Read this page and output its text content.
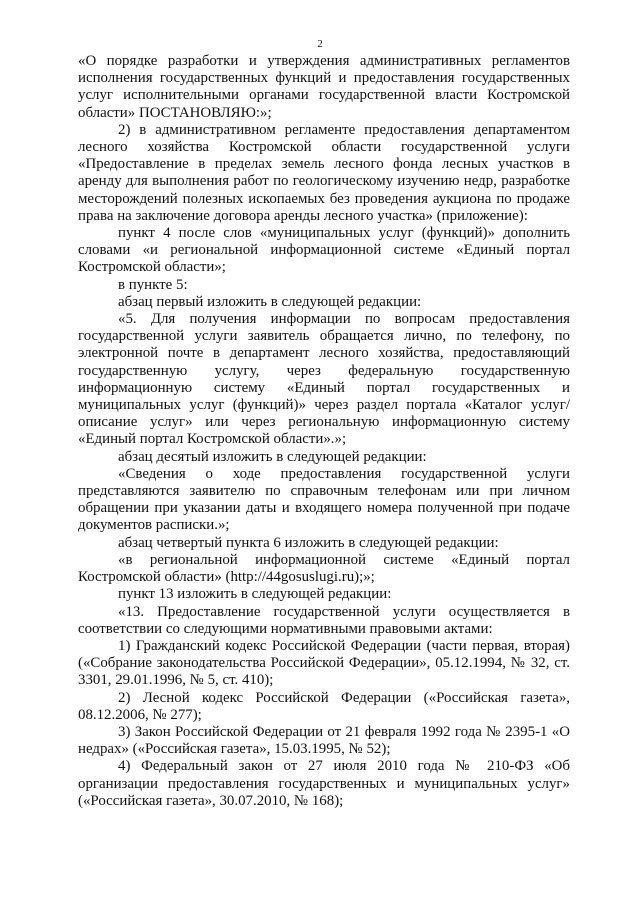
2

«О порядке разработки и утверждения административных регламентов исполнения государственных функций и предоставления государственных услуг исполнительными органами государственной власти Костромской области» ПОСТАНОВЛЯЮ:»;

2) в административном регламенте предоставления департаментом лесного хозяйства Костромской области государственной услуги «Предоставление в пределах земель лесного фонда лесных участков в аренду для выполнения работ по геологическому изучению недр, разработке месторождений полезных ископаемых без проведения аукциона по продаже права на заключение договора аренды лесного участка» (приложение):

пункт 4 после слов «муниципальных услуг (функций)» дополнить словами «и региональной информационной системе «Единый портал Костромской области»;

в пункте 5:

абзац первый изложить в следующей редакции:

«5. Для получения информации по вопросам предоставления государственной услуги заявитель обращается лично, по телефону, по электронной почте в департамент лесного хозяйства, предоставляющий государственную услугу, через федеральную государственную информационную систему «Единый портал государственных и муниципальных услуг (функций)» через раздел портала «Каталог услуг/описание услуг» или через региональную информационную систему «Единый портал Костромской области».»;

абзац десятый изложить в следующей редакции:

«Сведения о ходе предоставления государственной услуги представляются заявителю по справочным телефонам или при личном обращении при указании даты и входящего номера полученной при подаче документов расписки.»;

абзац четвертый пункта 6 изложить в следующей редакции:

«в региональной информационной системе «Единый портал Костромской области» (http://44gosuslugi.ru);»;

пункт 13 изложить в следующей редакции:

«13. Предоставление государственной услуги осуществляется в соответствии со следующими нормативными правовыми актами:

1) Гражданский кодекс Российской Федерации (части первая, вторая) («Собрание законодательства Российской Федерации», 05.12.1994, № 32, ст. 3301, 29.01.1996, № 5, ст. 410);

2) Лесной кодекс Российской Федерации («Российская газета», 08.12.2006, № 277);

3) Закон Российской Федерации от 21 февраля 1992 года № 2395-1 «О недрах» («Российская газета», 15.03.1995, № 52);

4) Федеральный закон от 27 июля 2010 года № 210-ФЗ «Об организации предоставления государственных и муниципальных услуг» («Российская газета», 30.07.2010, № 168);
